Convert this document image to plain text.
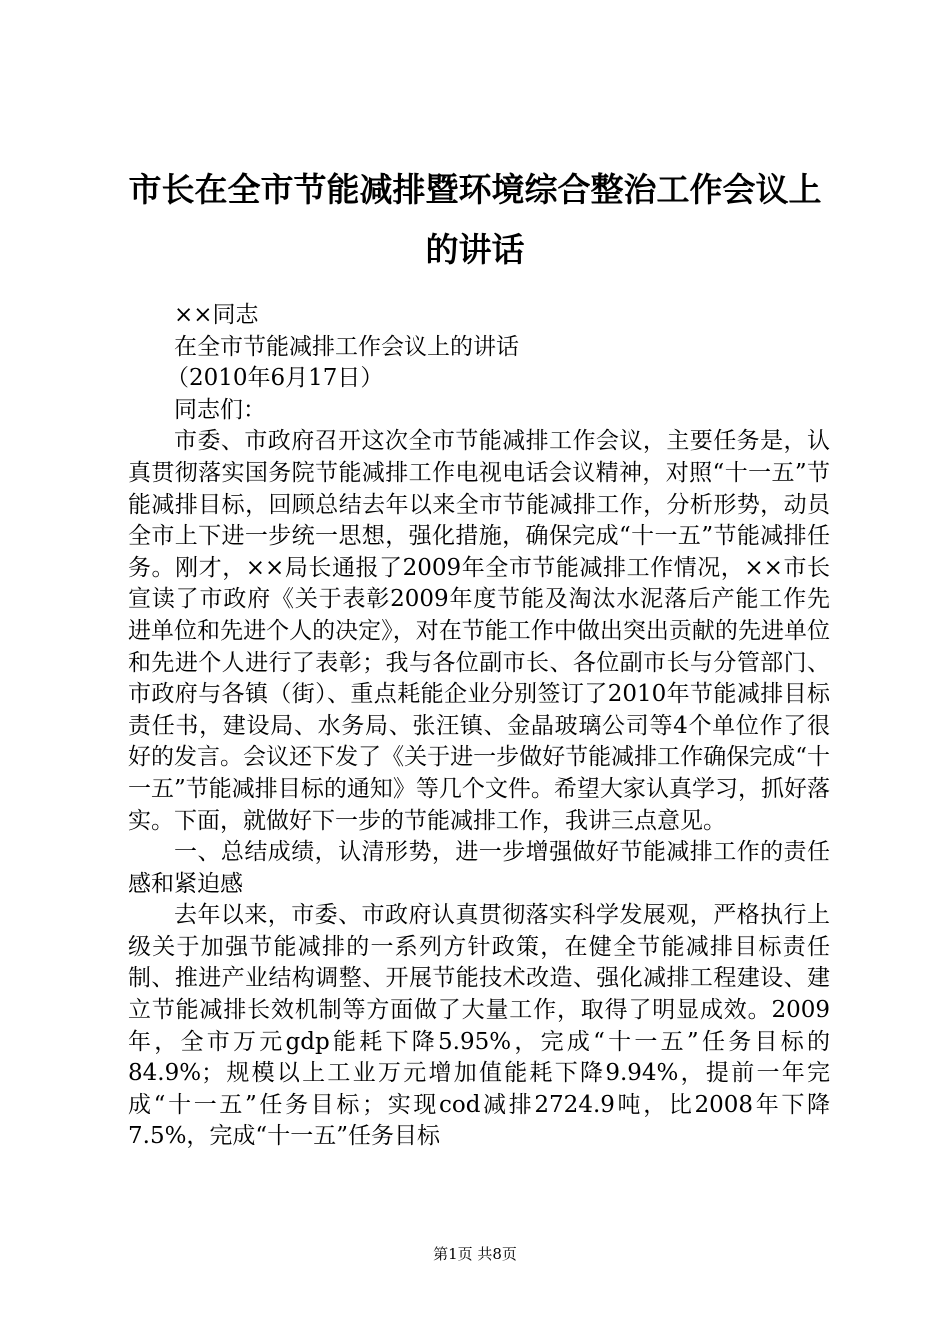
市长在全市节能减排暨环境综合整治工作会议上的讲话

××同志

在全市节能减排工作会议上的讲话

（2010年6月17日）

同志们：

市委、市政府召开这次全市节能减排工作会议，主要任务是，认真贯彻落实国务院节能减排工作电视电话会议精神，对照“十一五”节能减排目标，回顾总结去年以来全市节能减排工作，分析形势，动员全市上下进一步统一思想，强化措施，确保完成“十一五”节能减排任务。刚才，××局长通报了2009年全市节能减排工作情况，××市长宣读了市政府《关于表彰2009年度节能及淘汰水泥落后产能工作先进单位和先进个人的决定》，对在节能工作中做出突出贡献的先进单位和先进个人进行了表彰；我与各位副市长、各位副市长与分管部门、市政府与各镇（街）、重点耗能企业分别签订了2010年节能减排目标责任书，建设局、水务局、张汪镇、金晶玻璃公司等4个单位作了很好的发言。会议还下发了《关于进一步做好节能减排工作确保完成“十一五”节能减排目标的通知》等几个文件。希望大家认真学习，抓好落实。下面，就做好下一步的节能减排工作，我讲三点意见。

一、总结成绩，认清形势，进一步增强做好节能减排工作的责任感和紧迫感

去年以来，市委、市政府认真贯彻落实科学发展观，严格执行上级关于加强节能减排的一系列方针政策，在健全节能减排目标责任制、推进产业结构调整、开展节能技术改造、强化减排工程建设、建立节能减排长效机制等方面做了大量工作，取得了明显成效。2009年，全市万元gdp能耗下降5.95%，完成“十一五”任务目标的84.9%；规模以上工业万元增加值能耗下降9.94%，提前一年完成“十一五”任务目标；实现cod减排2724.9吨，比2008年下降7.5%，完成“十一五”任务目标

第1页 共8页
